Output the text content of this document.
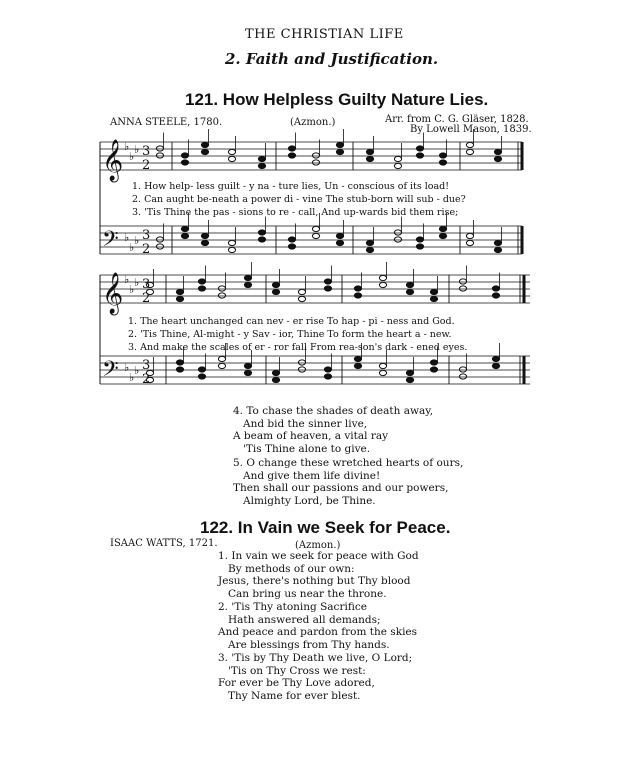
THE CHRISTIAN LIFE
2. Faith and Justification.
121. How Helpless Guilty Nature Lies.
ANNA STEELE, 1780.	(Azmon.)	Arr. from C. G. Gläser, 1828.
By Lowell Mason, 1839.
𝄞 ♭
♭
♭ 3
2
𝄢 ♭
♭
♭ 3
2
𝄞 ♭
♭
♭ 3
2
𝄢 ♭
♭
♭ 3
2
1. How help- less guilt - y na - ture lies, Un - conscious of its load!
2. Can aught be-neath a power di - vine The stub-born will sub - due?
3. 'Tis Thine the pas - sions to re - call, And up-wards bid them rise;
1. The heart unchanged can nev - er rise To hap - pi - ness and God.
2. 'Tis Thine, Al-might - y Sav - ior, Thine To form the heart a - new.
3. And make the scales of er - ror fall From rea-son's dark - ened eyes.
4. To chase the shades of death away,
And bid the sinner live,
A beam of heaven, a vital ray
'Tis Thine alone to give.
5. O change these wretched hearts of ours,
And give them life divine!
Then shall our passions and our powers,
Almighty Lord, be Thine.
122. In Vain we Seek for Peace.
ISAAC WATTS, 1721.	(Azmon.)
1. In vain we seek for peace with God
By methods of our own:
Jesus, there's nothing but Thy blood
Can bring us near the throne.
2. 'Tis Thy atoning Sacrifice
Hath answered all demands;
And peace and pardon from the skies
Are blessings from Thy hands.
3. 'Tis by Thy Death we live, O Lord;
'Tis on Thy Cross we rest:
For ever be Thy Love adored,
Thy Name for ever blest.
